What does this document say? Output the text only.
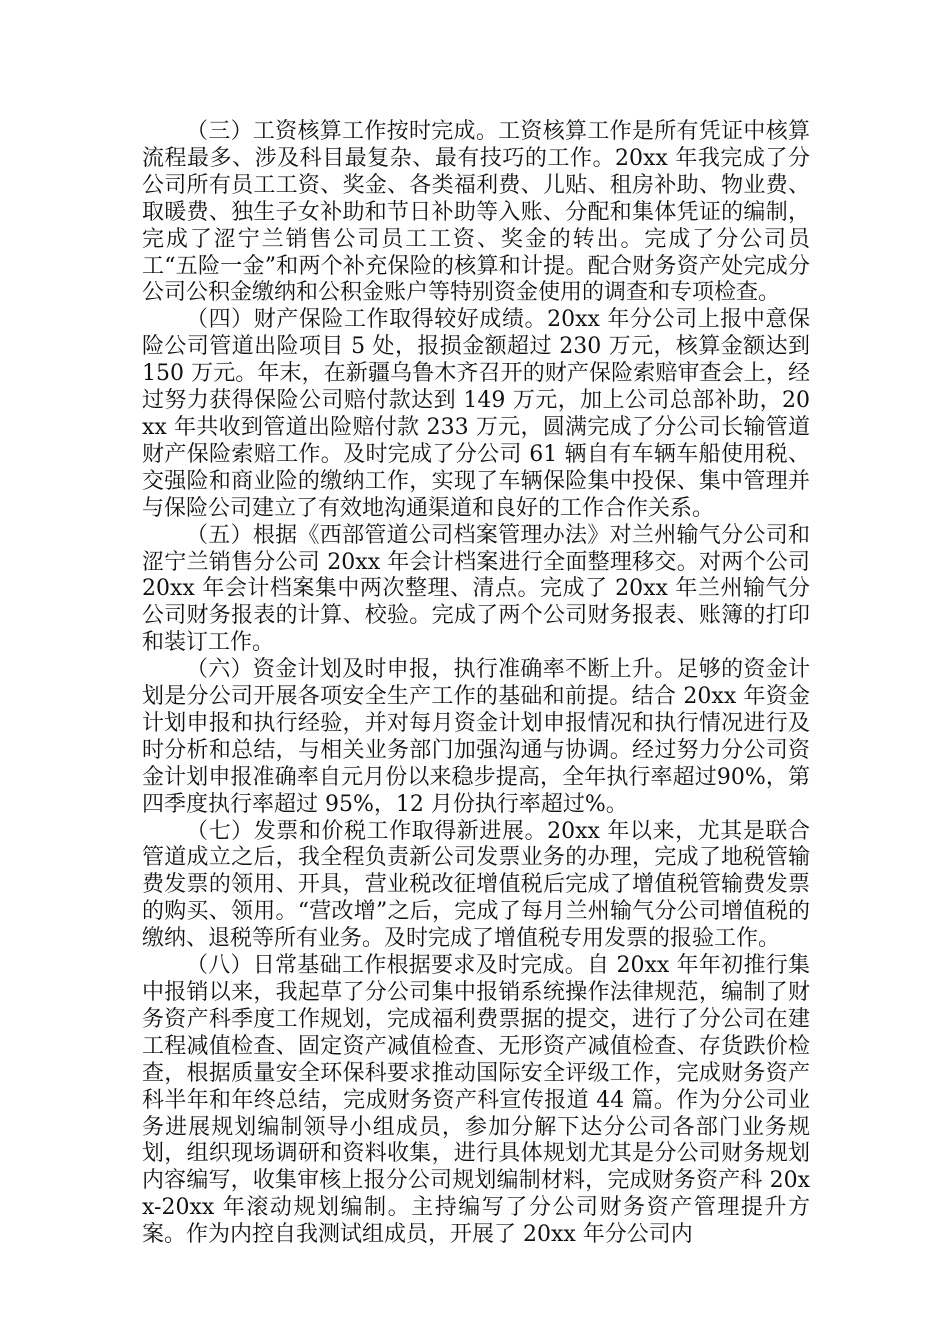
（三）工资核算工作按时完成。工资核算工作是所有凭证中核算流程最多、涉及科目最复杂、最有技巧的工作。20xx 年我完成了分公司所有员工工资、奖金、各类福利费、儿贴、租房补助、物业费、取暖费、独生子女补助和节日补助等入账、分配和集体凭证的编制，完成了涩宁兰销售公司员工工资、奖金的转出。完成了分公司员工“五险一金”和两个补充保险的核算和计提。配合财务资产处完成分公司公积金缴纳和公积金账户等特别资金使用的调查和专项检查。

（四）财产保险工作取得较好成绩。20xx 年分公司上报中意保险公司管道出险项目 5 处，报损金额超过 230 万元，核算金额达到 150 万元。年末，在新疆乌鲁木齐召开的财产保险索赔审查会上，经过努力获得保险公司赔付款达到 149 万元，加上公司总部补助，20xx 年共收到管道出险赔付款 233 万元，圆满完成了分公司长输管道财产保险索赔工作。及时完成了分公司 61 辆自有车辆车船使用税、交强险和商业险的缴纳工作，实现了车辆保险集中投保、集中管理并与保险公司建立了有效地沟通渠道和良好的工作合作关系。

（五）根据《西部管道公司档案管理办法》对兰州输气分公司和涩宁兰销售分公司 20xx 年会计档案进行全面整理移交。对两个公司 20xx 年会计档案集中两次整理、清点。完成了 20xx 年兰州输气分公司财务报表的计算、校验。完成了两个公司财务报表、账簿的打印和装订工作。

（六）资金计划及时申报，执行准确率不断上升。足够的资金计划是分公司开展各项安全生产工作的基础和前提。结合 20xx 年资金计划申报和执行经验，并对每月资金计划申报情况和执行情况进行及时分析和总结，与相关业务部门加强沟通与协调。经过努力分公司资金计划申报准确率自元月份以来稳步提高，全年执行率超过90%，第四季度执行率超过 95%，12 月份执行率超过%。

（七）发票和价税工作取得新进展。20xx 年以来，尤其是联合管道成立之后，我全程负责新公司发票业务的办理，完成了地税管输费发票的领用、开具，营业税改征增值税后完成了增值税管输费发票的购买、领用。“营改增”之后，完成了每月兰州输气分公司增值税的缴纳、退税等所有业务。及时完成了增值税专用发票的报验工作。

（八）日常基础工作根据要求及时完成。自 20xx 年年初推行集中报销以来，我起草了分公司集中报销系统操作法律规范，编制了财务资产科季度工作规划，完成福利费票据的提交，进行了分公司在建工程减值检查、固定资产减值检查、无形资产减值检查、存货跌价检查，根据质量安全环保科要求推动国际安全评级工作，完成财务资产科半年和年终总结，完成财务资产科宣传报道 44 篇。作为分公司业务进展规划编制领导小组成员，参加分解下达分公司各部门业务规划，组织现场调研和资料收集，进行具体规划尤其是分公司财务规划内容编写，收集审核上报分公司规划编制材料，完成财务资产科 20xx-20xx 年滚动规划编制。主持编写了分公司财务资产管理提升方案。作为内控自我测试组成员，开展了 20xx 年分公司内
